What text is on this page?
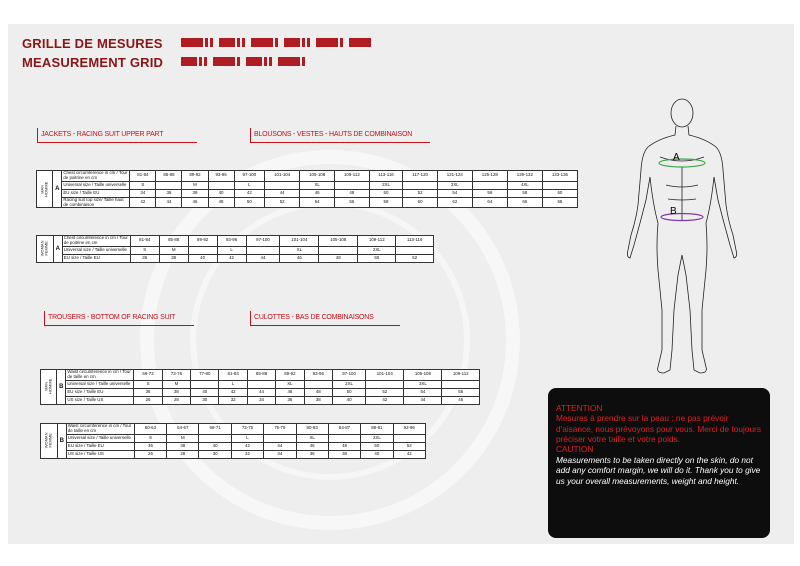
GRILLE DE MESURES
MEASUREMENT GRID
JACKETS - RACING SUIT UPPER PART	BLOUSONS - VESTES - HAUTS DE COMBINAISON
MAN
HOMME	A	Chest circumference in cm / Tour de poitrine en cm	81-84	85-88	89-92	93-96	97-100	101-104	105-108	109-112	113-116	117-120	121-124	125-128	129-132	133-136
		Universal size / Taille universelle	S		M		L		XL		2XL		3XL		4XL	
		EU size / Taille EU	34	36	38	40	42	44	46	48	50	52	54	56	58	60
		Racing suit top size/ Taille haut de combinaison	42	44	46	48	50	52	54	56	58	60	62	64	66	68
WOMAN
FEMME	A	Chest circumference in cm / Tour de poitrine en cm	81-84	85-88	89-92	93-96	97-100	101-104	105-108	109-112	113-116
		Universal size / Taille universelle	S	M		L		XL		2XL	
		EU size / Taille EU	36	38	40	42	44	46	48	50	52
TROUSERS - BOTTOM OF RACING SUIT	CULOTTES - BAS DE COMBINAISONS
MAN
HOMME	B	Waist circumference in cm / Tour de taille en cm	69-72	73-76	77-80	81-84	85-88	89-92	93-96	97-100	101-104	105-108	109-112
		Universal size / Taille universelle	S	M		L		XL		2XL		3XL	
		EU size / Taille EU	36	38	40	42	44	46	48	50	52	54	56
		US size / Taille US	26	28	30	32	34	36	38	40	42	44	46
WOMAN
FEMME	B	Waist circumference in cm / Tour de taille en cm	60-63	64-67	68-71	72-75	76-79	80-83	84-87	88-91	92-96
		Universal size / Taille universelle	S	M		L		XL		2XL	
		EU size / Taille EU	36	38	40	42	44	46	48	50	52
		US size / Taille US	26	28	30	32	34	36	38	40	42
A
B
ATTENTION
Mesures à prendre sur la peau : ne pas prévoir d'aisance, nous prévoyons pour vous. Merci de toujours préciser votre taille et votre poids.
CAUTION
Measurements to be taken directly on the skin, do not add any comfort margin, we will do it. Thank you to give us your overall measurements, weight and height.
